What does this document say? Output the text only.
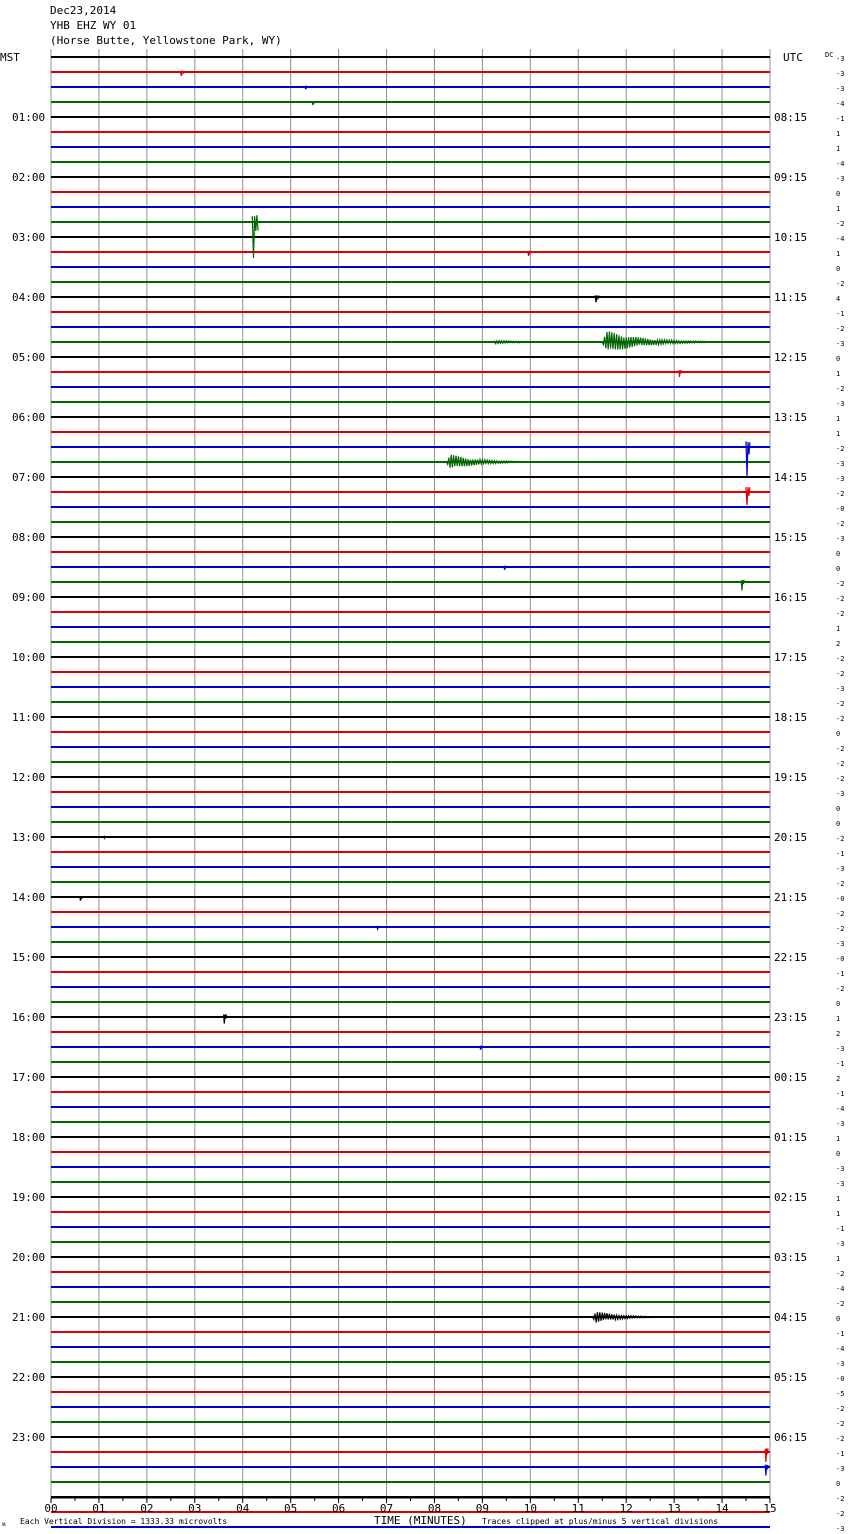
Dec23,2014
YHB EHZ WY 01
(Horse Butte, Yellowstone Park, WY)
MST	UTC	DC
01:00
02:00
03:00
04:00
05:00
06:00
07:00
08:00
09:00
10:00
11:00
12:00
13:00
14:00
15:00
16:00
17:00
18:00
19:00
20:00
21:00
22:00
23:00
08:15
09:15
10:15
11:15
12:15
13:15
14:15
15:15
16:15
17:15
18:15
19:15
20:15
21:15
22:15
23:15
00:15
01:15
02:15
03:15
04:15
05:15
06:15
-3
-3
-3
-4
-1
1
1
-4
-3
0
1
-2
-4
1
0
-2
4
-1
-2
-3
0
1
-2
-3
1
1
-2
-3
-3
-2
-0
-2
-3
0
0
-2
-2
-2
1
2
-2
-2
-3
-2
-2
0
-2
-2
-2
-3
0
0
-2
-1
-3
-2
-0
-2
-2
-3
-0
-1
-2
0
1
2
-3
-1
2
-1
-4
-3
1
0
-3
-3
1
1
-1
-3
1
-2
-4
-2
0
-1
-4
-3
-0
-5
-2
-2
-2
-1
-3
0
-2
-2
-3
00	01	02	03	04	05	06	07	08	09	10	11	12	13	14	15
ʍ Each Vertical Division = 1333.33 microvolts	TIME (MINUTES) Traces clipped at plus/minus 5 vertical divisions
